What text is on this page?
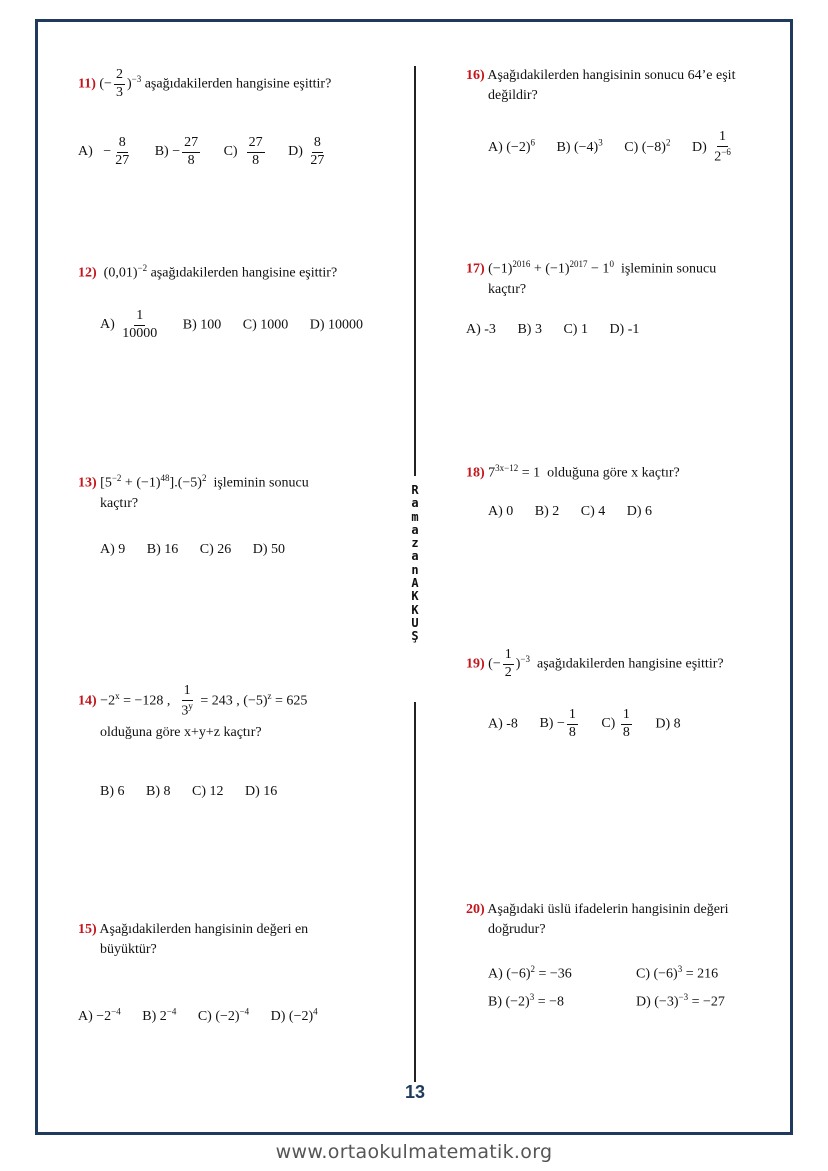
R
a
m
a
z
a
n
A
K
K
U
Ş
11) (− $\frac{2}{3} )^{-3}$ aşağıdakilerden hangisine eşittir?
$A) - \frac{8}{27} B) - \frac{27}{8} C) \frac{27}{8} D) \frac{8}{27}$
12) $(0,01)^{-2}$ aşağıdakilerden hangisine eşittir?
$A) \frac{1}{10000} B$) 100 C) 1000 D) 10000
13) $[5^{-2} + (-1)^{48}].(-5)^2$ işleminin sonucu
kaçtır?
A) 9 B) 16 C) 26 D) 50
$14) -2^x = -128$ , $\frac{1}{3^y} = 243$ , $(-5)^z = 625$
olduğuna göre x+y+z kaçtır?
B) 6 B) 8 C) 12 D) 16
15) Aşağıdakilerden hangisinin değeri en
büyüktür?
$A) -2^{-4}$ B) $2^{-4}$ C) $(-2)^{-4}$ D) $(-2)^4$
16) Aşağıdakilerden hangisinin sonucu 64’e eşit
değildir?
A) $(-2)^6$ B) $(-4)^3$ C) $(-8)^2$ $D) \frac{1}{2^{-6}}$
17) $(-1)^{2016} + (-1)^{2017} - 1^0$ işleminin sonucu
kaçtır?
A) -3 B) 3 C) 1 D) -1
18) $7^{3x-12} = 1$ olduğuna göre x kaçtır?
A) 0 B) 2 C) 4 D) 6
19) (− $\frac{1}{2} )^{-3}$ aşağıdakilerden hangisine eşittir?
A) -8 $B) - \frac{1}{8} C) \frac{1}{8} D$) 8
20) Aşağıdaki üslü ifadelerin hangisinin değeri
doğrudur?
A) $(-6)^2 = -36$	C) $(-6)^3 = 216$
B) $(-2)^3 = -8$	D) $(-3)^{-3} = -27$
13
www.ortaokulmatematik.org
